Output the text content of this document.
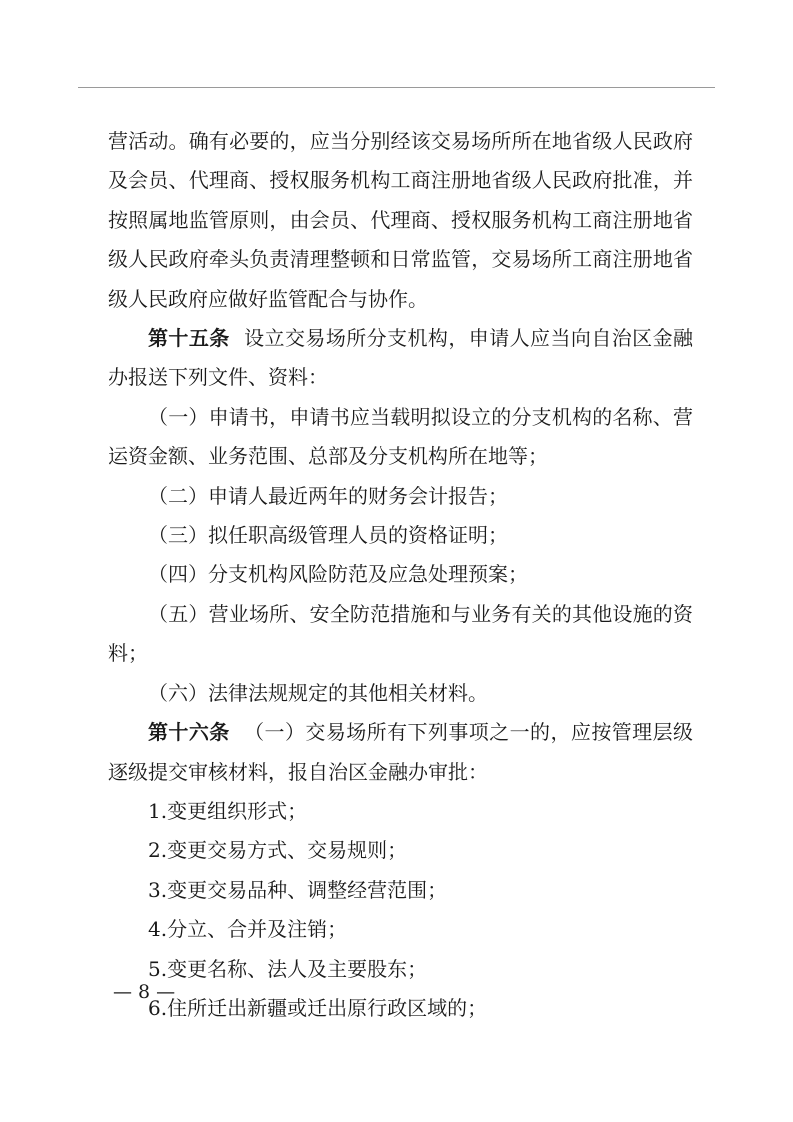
营活动。确有必要的，应当分别经该交易场所所在地省级人民政府及会员、代理商、授权服务机构工商注册地省级人民政府批准，并按照属地监管原则，由会员、代理商、授权服务机构工商注册地省级人民政府牵头负责清理整顿和日常监管，交易场所工商注册地省级人民政府应做好监管配合与协作。

第十五条 设立交易场所分支机构，申请人应当向自治区金融办报送下列文件、资料：

（一）申请书，申请书应当载明拟设立的分支机构的名称、营运资金额、业务范围、总部及分支机构所在地等；

（二）申请人最近两年的财务会计报告；

（三）拟任职高级管理人员的资格证明；

（四）分支机构风险防范及应急处理预案；

（五）营业场所、安全防范措施和与业务有关的其他设施的资料；

（六）法律法规规定的其他相关材料。

第十六条 （一）交易场所有下列事项之一的，应按管理层级逐级提交审核材料，报自治区金融办审批：

1.变更组织形式；

2.变更交易方式、交易规则；

3.变更交易品种、调整经营范围；

4.分立、合并及注销；

5.变更名称、法人及主要股东；

6.住所迁出新疆或迁出原行政区域的；

— 8 —
